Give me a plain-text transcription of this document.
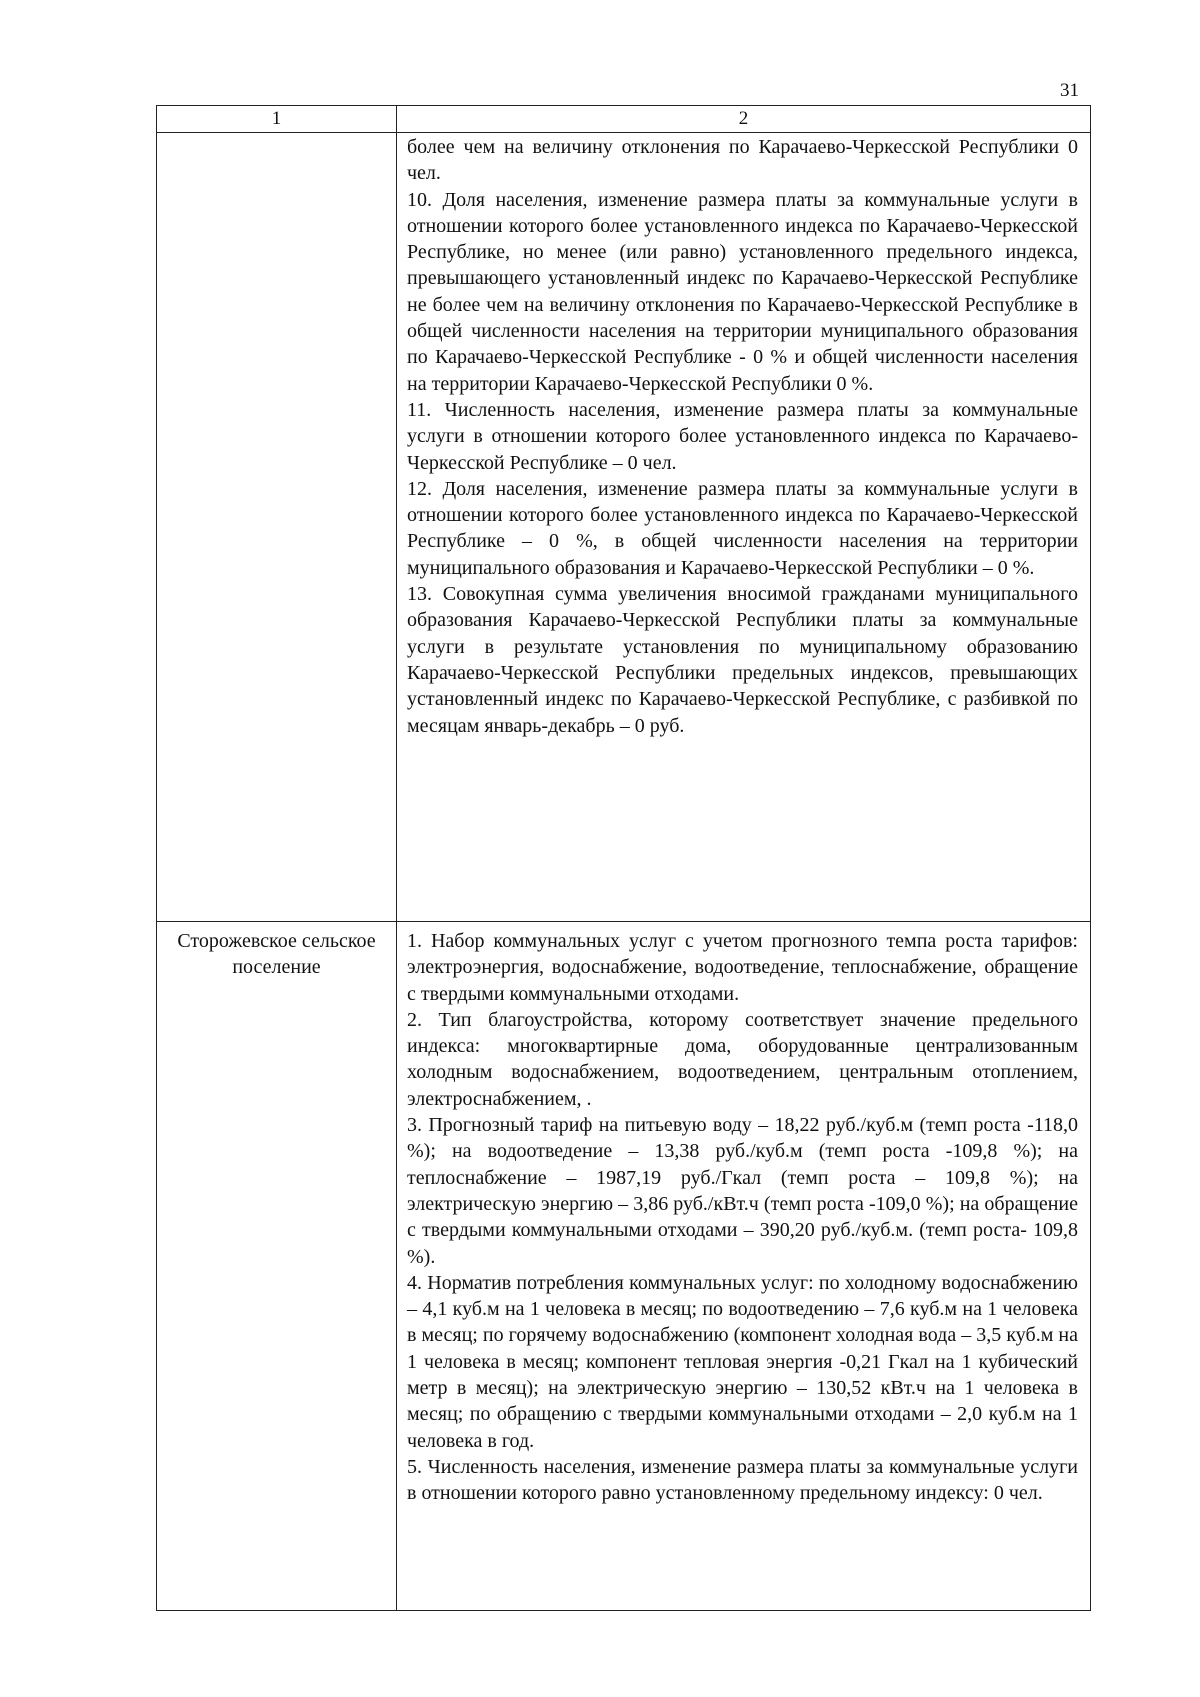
31
1	2

	более чем на величину отклонения по Карачаево-Черкесской Республики 0 чел.

10. Доля населения, изменение размера платы за коммунальные услуги в отношении которого более установленного индекса по Карачаево-Черкесской Республике, но менее (или равно) установленного предельного индекса, превышающего установленный индекс по Карачаево-Черкесской Республике не более чем на величину отклонения по Карачаево-Черкесской Республике в общей численности населения на территории муниципального образования по Карачаево-Черкесской Республике - 0 % и общей численности населения на территории Карачаево-Черкесской Республики 0 %.

11. Численность населения, изменение размера платы за коммунальные услуги в отношении которого более установленного индекса по Карачаево-Черкесской Республике – 0 чел.

12. Доля населения, изменение размера платы за коммунальные услуги в отношении которого более установленного индекса по Карачаево-Черкесской Республике – 0 %, в общей численности населения на территории муниципального образования и Карачаево-Черкесской Республики – 0 %.

13. Совокупная сумма увеличения вносимой гражданами муниципального образования Карачаево-Черкесской Республики платы за коммунальные услуги в результате установления по муниципальному образованию Карачаево-Черкесской Республики предельных индексов, превышающих установленный индекс по Карачаево-Черкесской Республике, с разбивкой по месяцам январь-декабрь – 0 руб.

Сторожевское сельское поселение	1. Набор коммунальных услуг с учетом прогнозного темпа роста тарифов: электроэнергия, водоснабжение, водоотведение, теплоснабжение, обращение с твердыми коммунальными отходами.

2. Тип благоустройства, которому соответствует значение предельного индекса: многоквартирные дома, оборудованные централизованным холодным водоснабжением, водоотведением, центральным отоплением, электроснабжением, .

3. Прогнозный тариф на питьевую воду – 18,22 руб./куб.м (темп роста -118,0 %); на водоотведение – 13,38 руб./куб.м (темп роста -109,8 %); на теплоснабжение – 1987,19 руб./Гкал (темп роста – 109,8 %); на электрическую энергию – 3,86 руб./кВт.ч (темп роста -109,0 %); на обращение с твердыми коммунальными отходами – 390,20 руб./куб.м. (темп роста- 109,8 %).

4. Норматив потребления коммунальных услуг: по холодному водоснабжению – 4,1 куб.м на 1 человека в месяц; по водоотведению – 7,6 куб.м на 1 человека в месяц; по горячему водоснабжению (компонент холодная вода – 3,5 куб.м на 1 человека в месяц; компонент тепловая энергия -0,21 Гкал на 1 кубический метр в месяц); на электрическую энергию – 130,52 кВт.ч на 1 человека в месяц; по обращению с твердыми коммунальными отходами – 2,0 куб.м на 1 человека в год.

5. Численность населения, изменение размера платы за коммунальные услуги в отношении которого равно установленному предельному индексу: 0 чел.
